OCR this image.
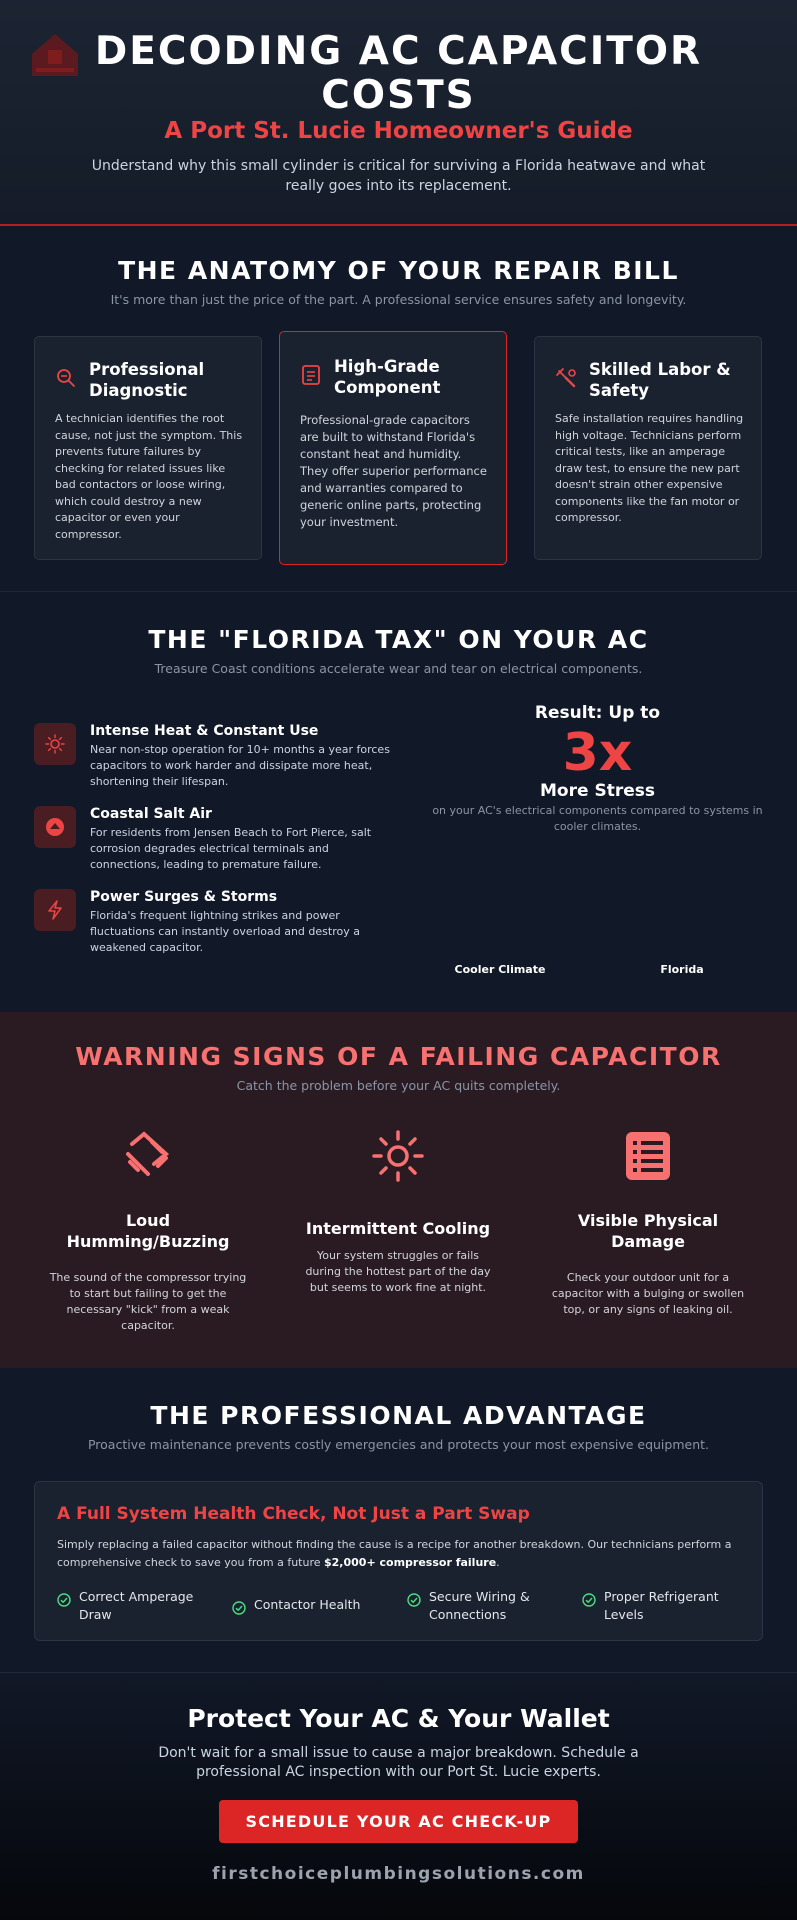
DECODING AC CAPACITOR COSTS
A Port St. Lucie Homeowner's Guide

Understand why this small cylinder is critical for surviving a Florida heatwave and what really goes into its replacement.

THE ANATOMY OF YOUR REPAIR BILL

It's more than just the price of the part. A professional service ensures safety and longevity.

Professional Diagnostic

A technician identifies the root cause, not just the symptom. This prevents future failures by checking for related issues like bad contactors or loose wiring, which could destroy a new capacitor or even your compressor.

High-Grade Component

Professional-grade capacitors are built to withstand Florida's constant heat and humidity. They offer superior performance and warranties compared to generic online parts, protecting your investment.

Skilled Labor & Safety

Safe installation requires handling high voltage. Technicians perform critical tests, like an amperage draw test, to ensure the new part doesn't strain other expensive components like the fan motor or compressor.

THE "FLORIDA TAX" ON YOUR AC

Treasure Coast conditions accelerate wear and tear on electrical components.

Intense Heat & Constant Use

Near non-stop operation for 10+ months a year forces capacitors to work harder and dissipate more heat, shortening their lifespan.

Coastal Salt Air

For residents from Jensen Beach to Fort Pierce, salt corrosion degrades electrical terminals and connections, leading to premature failure.

Power Surges & Storms

Florida's frequent lightning strikes and power fluctuations can instantly overload and destroy a weakened capacitor.

Result: Up to
3x
More Stress
on your AC's electrical components compared to systems in cooler climates.
Cooler Climate	Florida
WARNING SIGNS OF A FAILING CAPACITOR

Catch the problem before your AC quits completely.

Loud Humming/Buzzing

The sound of the compressor trying to start but failing to get the necessary "kick" from a weak capacitor.

Intermittent Cooling

Your system struggles or fails during the hottest part of the day but seems to work fine at night.

Visible Physical Damage

Check your outdoor unit for a capacitor with a bulging or swollen top, or any signs of leaking oil.

THE PROFESSIONAL ADVANTAGE

Proactive maintenance prevents costly emergencies and protects your most expensive equipment.

A Full System Health Check, Not Just a Part Swap

Simply replacing a failed capacitor without finding the cause is a recipe for another breakdown. Our technicians perform a comprehensive check to save you from a future $2,000+ compressor failure.

Correct Amperage Draw
Contactor Health
Secure Wiring & Connections
Proper Refrigerant Levels
Protect Your AC & Your Wallet

Don't wait for a small issue to cause a major breakdown. Schedule a professional AC inspection with our Port St. Lucie experts.

SCHEDULE YOUR AC CHECK-UP
firstchoiceplumbingsolutions.com
